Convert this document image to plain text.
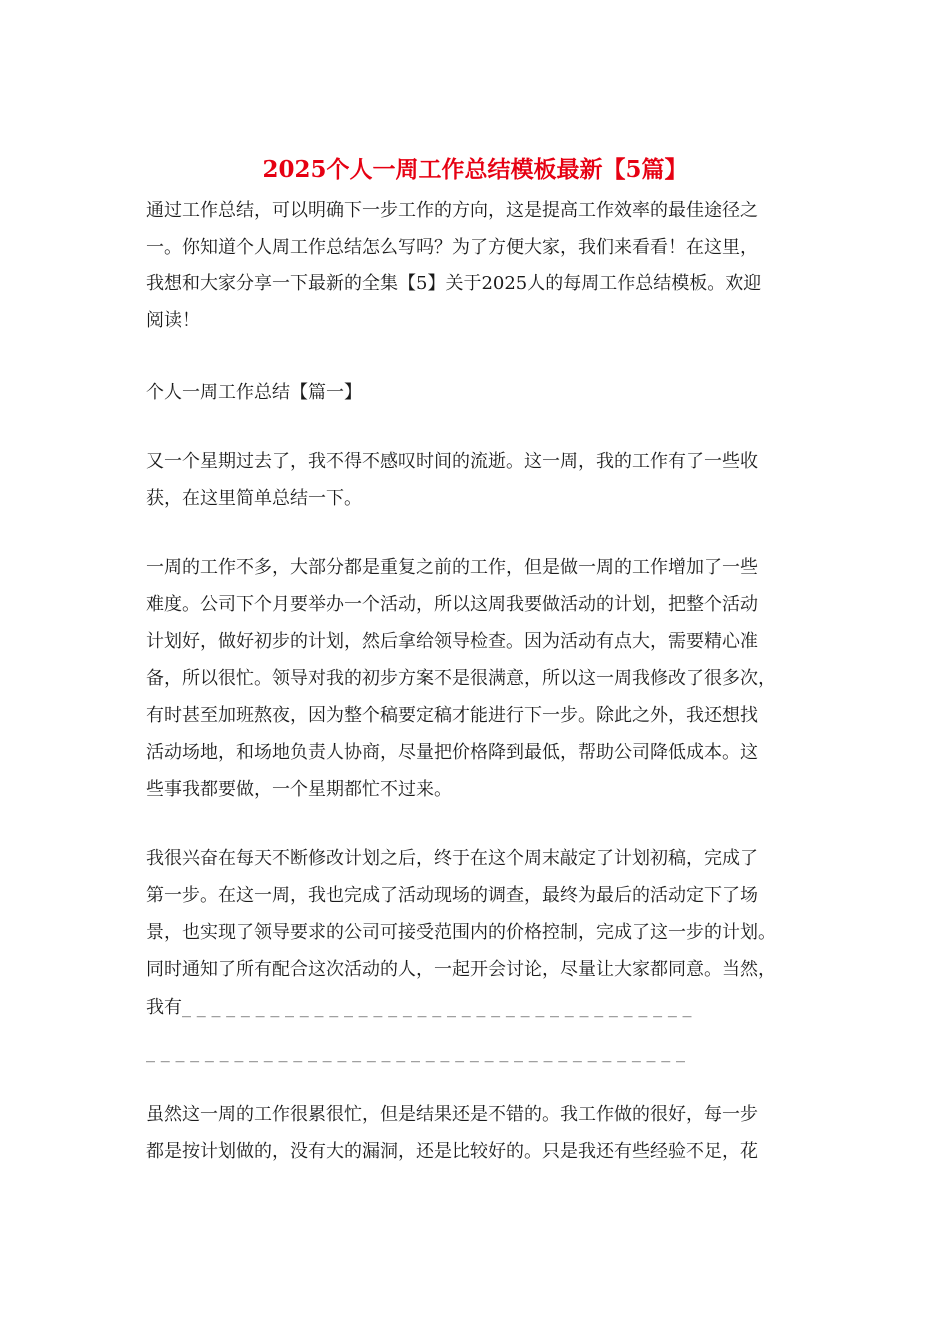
2025个人一周工作总结模板最新【5篇】

通过工作总结，可以明确下一步工作的方向，这是提高工作效率的最佳途径之

一。你知道个人周工作总结怎么写吗？为了方便大家，我们来看看！在这里，

我想和大家分享一下最新的全集【5】关于2025人的每周工作总结模板。欢迎

阅读！

个人一周工作总结【篇一】

又一个星期过去了，我不得不感叹时间的流逝。这一周，我的工作有了一些收

获，在这里简单总结一下。

一周的工作不多，大部分都是重复之前的工作，但是做一周的工作增加了一些

难度。公司下个月要举办一个活动，所以这周我要做活动的计划，把整个活动

计划好，做好初步的计划，然后拿给领导检查。因为活动有点大，需要精心准

备，所以很忙。领导对我的初步方案不是很满意，所以这一周我修改了很多次，

有时甚至加班熬夜，因为整个稿要定稿才能进行下一步。除此之外，我还想找

活动场地，和场地负责人协商，尽量把价格降到最低，帮助公司降低成本。这

些事我都要做，一个星期都忙不过来。

我很兴奋在每天不断修改计划之后，终于在这个周末敲定了计划初稿，完成了

第一步。在这一周，我也完成了活动现场的调查，最终为最后的活动定下了场

景，也实现了领导要求的公司可接受范围内的价格控制，完成了这一步的计划。

同时通知了所有配合这次活动的人，一起开会讨论，尽量让大家都同意。当然，

我有_ _ _ _ _ _ _ _ _ _ _ _ _ _ _ _ _ _ _ _ _ _ _ _ _ _ _ _ _ _ _ _ _ _ _

_ _ _ _ _ _ _ _ _ _ _ _ _ _ _ _ _ _ _ _ _ _ _ _ _ _ _ _ _ _ _ _ _ _ _ _ _

虽然这一周的工作很累很忙，但是结果还是不错的。我工作做的很好，每一步

都是按计划做的，没有大的漏洞，还是比较好的。只是我还有些经验不足，花
